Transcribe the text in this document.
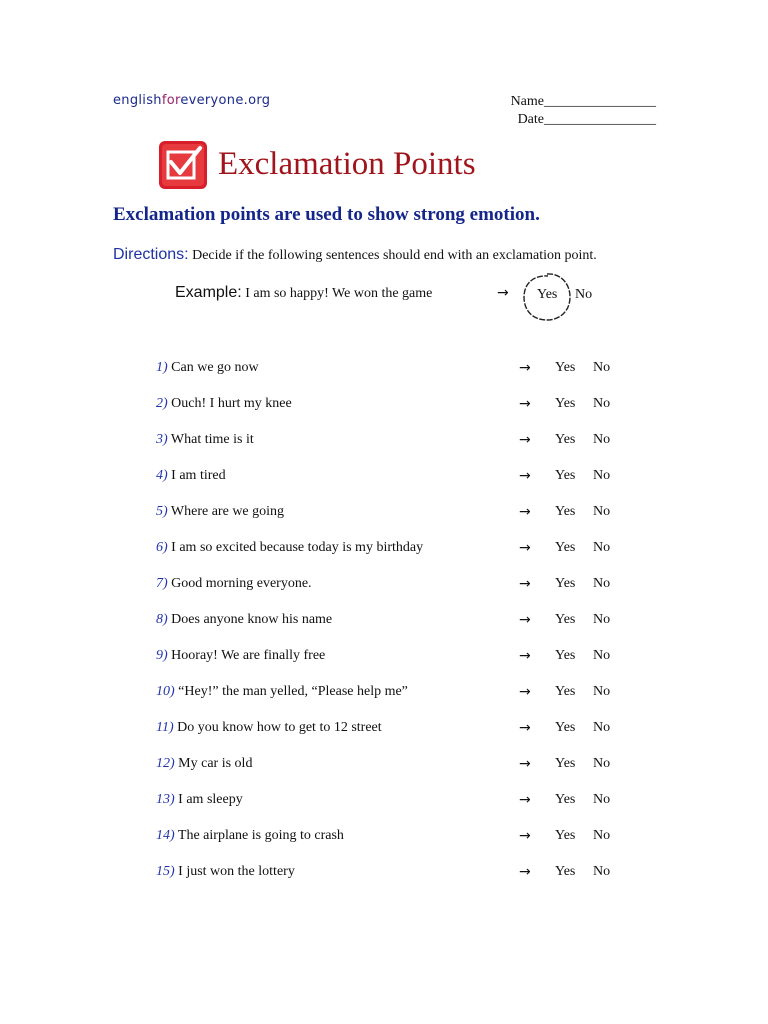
englishforeveryone.org	Name________________
Date________________
Exclamation Points
Exclamation points are used to show strong emotion.
Directions: Decide if the following sentences should end with an exclamation point.
Example: I am so happy! We won the game	→ Yes No
1) Can we go now	→ Yes No
2) Ouch! I hurt my knee	→ Yes No
3) What time is it	→ Yes No
4) I am tired	→ Yes No
5) Where are we going	→ Yes No
6) I am so excited because today is my birthday	→ Yes No
7) Good morning everyone.	→ Yes No
8) Does anyone know his name	→ Yes No
9) Hooray! We are finally free	→ Yes No
10) “Hey!” the man yelled, “Please help me”	→ Yes No
11) Do you know how to get to 12 street	→ Yes No
12) My car is old	→ Yes No
13) I am sleepy	→ Yes No
14) The airplane is going to crash	→ Yes No
15) I just won the lottery	→ Yes No
